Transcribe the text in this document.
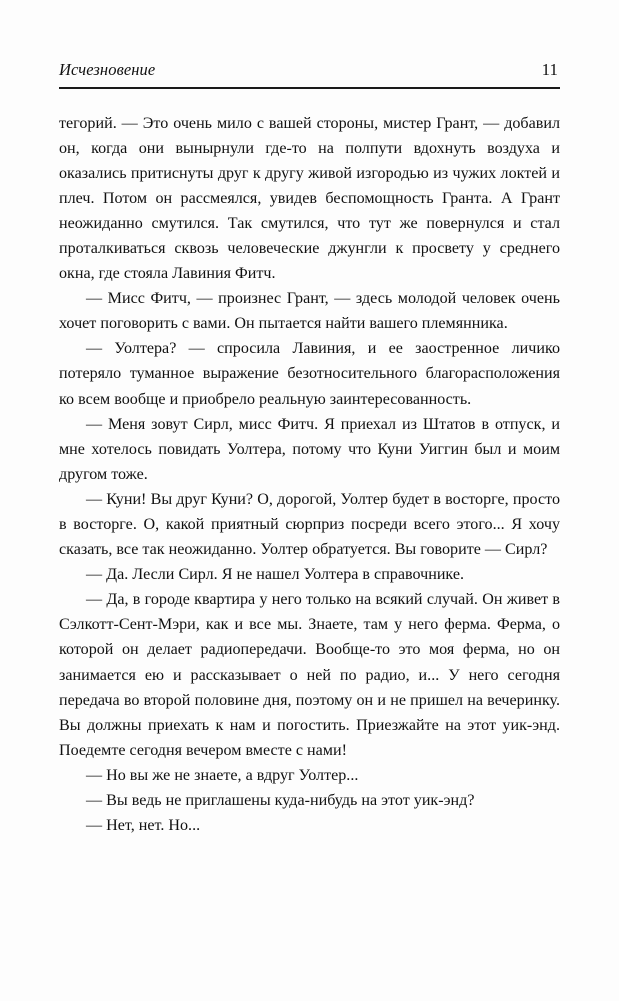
Исчезновение	11

тегорий. — Это очень мило с вашей стороны, мистер Грант, — добавил он, когда они вынырнули где-то на полпути вдохнуть воздуха и оказались притиснуты друг к другу живой изгородью из чужих локтей и плеч. Потом он рассмеялся, увидев беспомощность Гранта. А Грант неожиданно смутился. Так смутился, что тут же повернулся и стал проталкиваться сквозь человеческие джунгли к просвету у среднего окна, где стояла Лавиния Фитч.

— Мисс Фитч, — произнес Грант, — здесь молодой человек очень хочет поговорить с вами. Он пытается найти вашего племянника.

— Уолтера? — спросила Лавиния, и ее заостренное личико потеряло туманное выражение безотносительного благорасположения ко всем вообще и приобрело реальную заинтересованность.

— Меня зовут Сирл, мисс Фитч. Я приехал из Штатов в отпуск, и мне хотелось повидать Уолтера, потому что Куни Уиггин был и моим другом тоже.

— Куни! Вы друг Куни? О, дорогой, Уолтер будет в восторге, просто в восторге. О, какой приятный сюрприз посреди всего этого... Я хочу сказать, все так неожиданно. Уолтер обратуется. Вы говорите — Сирл?

— Да. Лесли Сирл. Я не нашел Уолтера в справочнике.

— Да, в городе квартира у него только на всякий случай. Он живет в Сэлкотт-Сент-Мэри, как и все мы. Знаете, там у него ферма. Ферма, о которой он делает радиопередачи. Вообще-то это моя ферма, но он занимается ею и рассказывает о ней по радио, и... У него сегодня передача во второй половине дня, поэтому он и не пришел на вечеринку. Вы должны приехать к нам и погостить. Приезжайте на этот уик-энд. Поедемте сегодня вечером вместе с нами!

— Но вы же не знаете, а вдруг Уолтер...

— Вы ведь не приглашены куда-нибудь на этот уик-энд?

— Нет, нет. Но...
